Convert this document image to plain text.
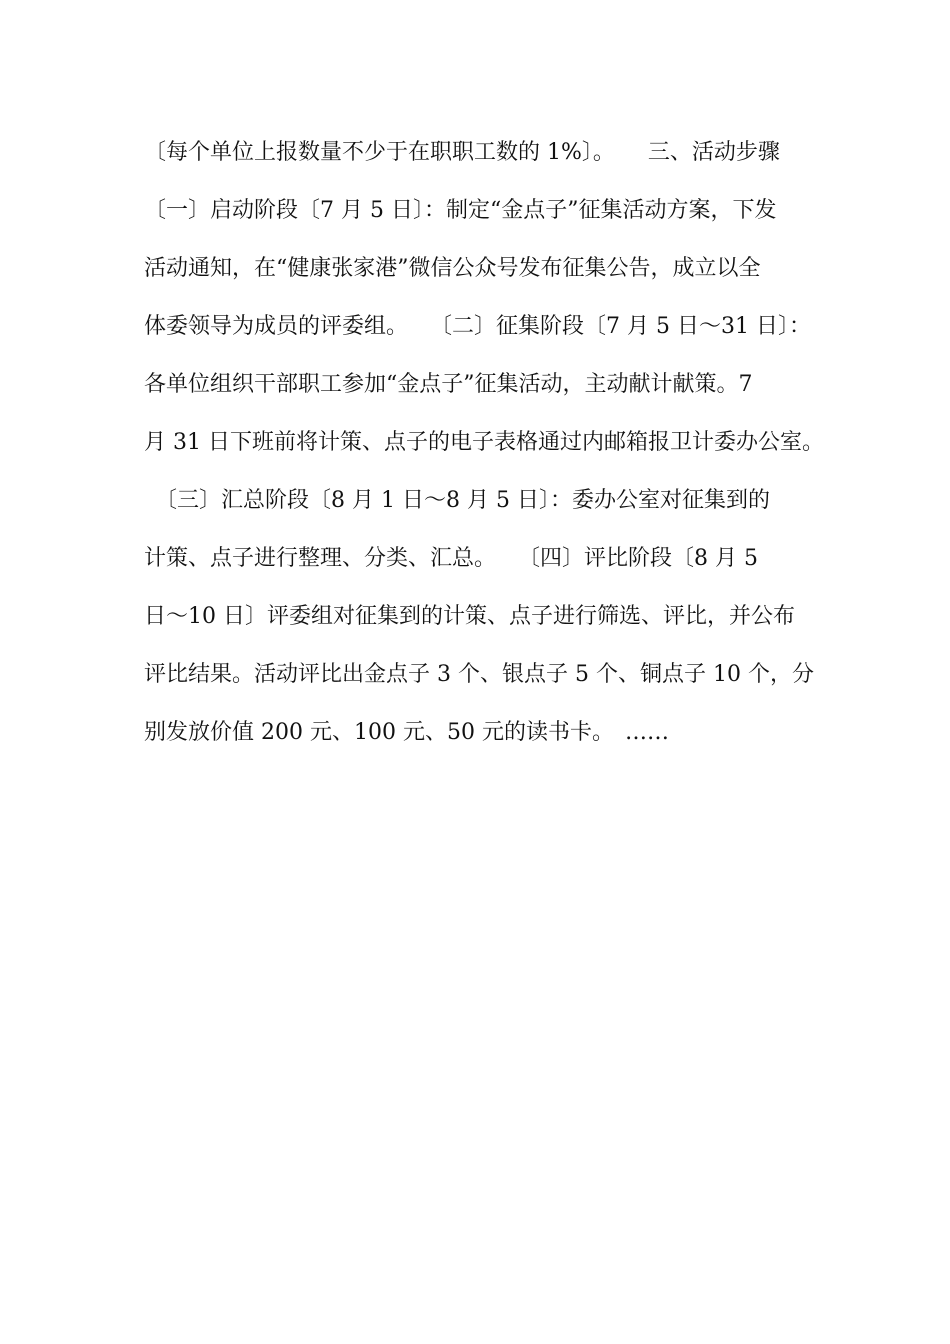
〔每个单位上报数量不少于在职职工数的 1%〕。　　三、活动步骤
〔一〕启动阶段〔7 月 5 日〕：制定“金点子”征集活动方案，下发
活动通知，在“健康张家港”微信公众号发布征集公告，成立以全
体委领导为成员的评委组。　　〔二〕征集阶段〔7 月 5 日～31 日〕：
各单位组织干部职工参加“金点子”征集活动，主动献计献策。7
月 31 日下班前将计策、点子的电子表格通过内邮箱报卫计委办公室。
　〔三〕汇总阶段〔8 月 1 日～8 月 5 日〕：委办公室对征集到的
计策、点子进行整理、分类、汇总。　　〔四〕评比阶段〔8 月 5
日～10 日〕评委组对征集到的计策、点子进行筛选、评比，并公布
评比结果。活动评比出金点子 3 个、银点子 5 个、铜点子 10 个，分
别发放价值 200 元、100 元、50 元的读书卡。　……
